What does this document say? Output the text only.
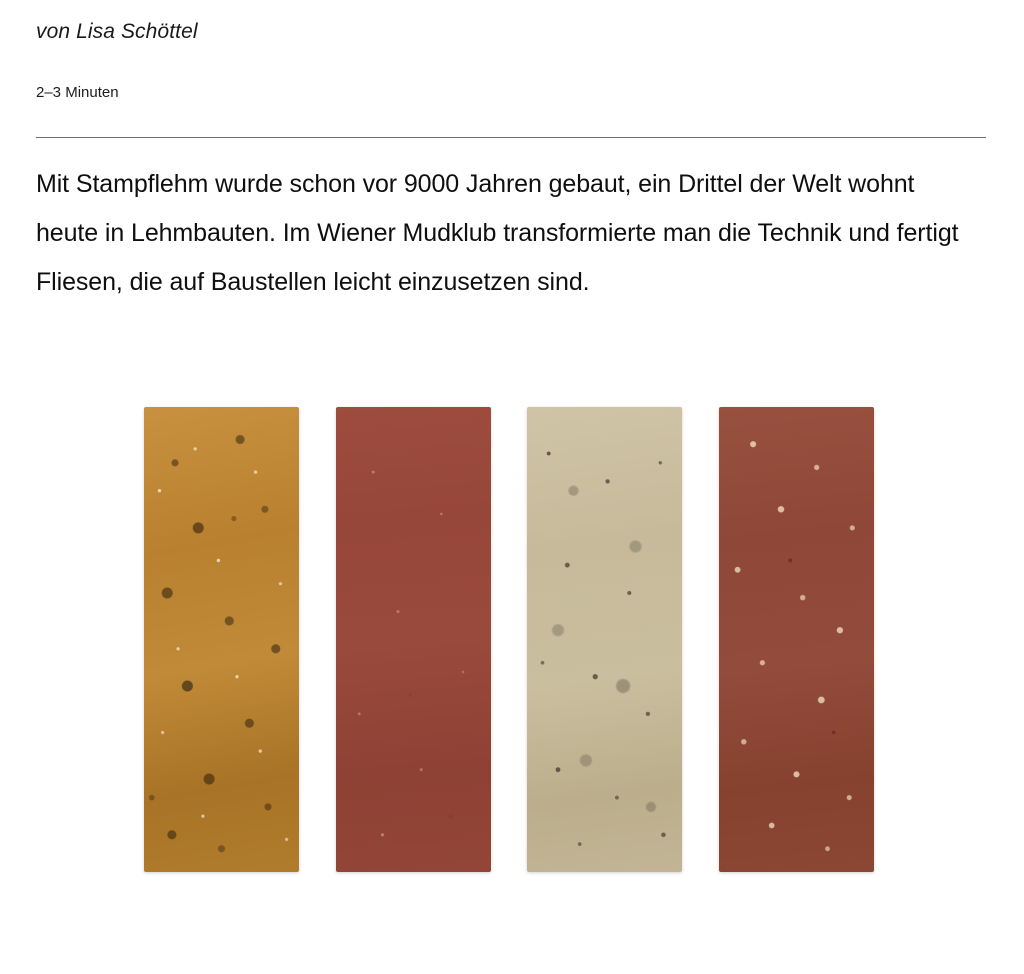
von Lisa Schöttel
2–3 Minuten

Mit Stampflehm wurde schon vor 9000 Jahren gebaut, ein Drittel der Welt wohnt heute in Lehmbauten. Im Wiener Mudklub transformierte man die Technik und fertigt Fliesen, die auf Baustellen leicht einzusetzen sind.
